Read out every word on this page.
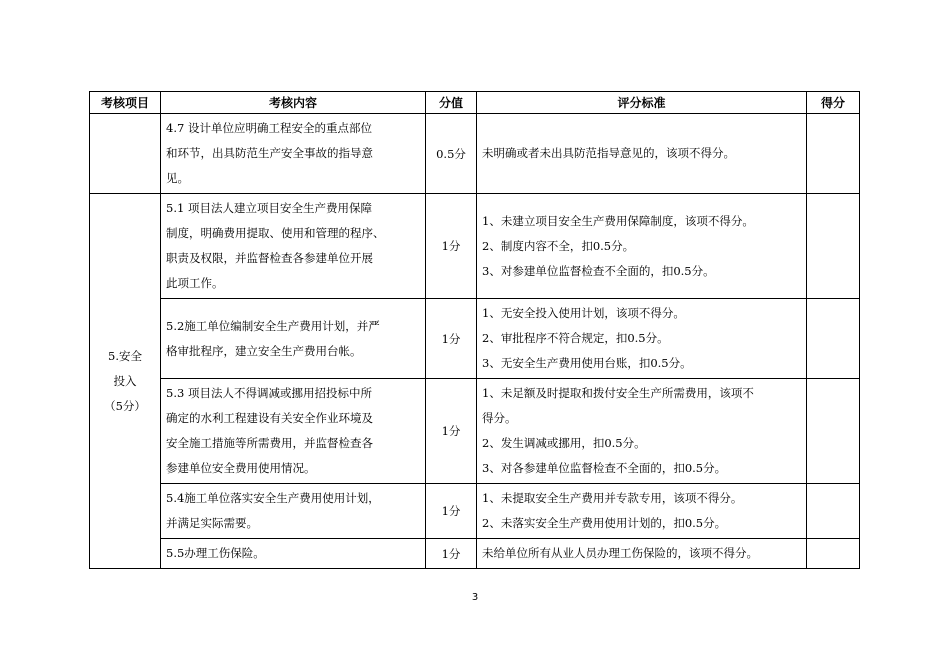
考核项目	考核内容	分值	评分标准	得分

	4.7 设计单位应明确工程安全的重点部位
和环节，出具防范生产安全事故的指导意
见。	0.5分	未明确或者未出具防范指导意见的，该项不得分。	

5.安全
投入
（5分）	5.1 项目法人建立项目安全生产费用保障
制度，明确费用提取、使用和管理的程序、
职责及权限，并监督检查各参建单位开展
此项工作。	1分	1、未建立项目安全生产费用保障制度，该项不得分。
2、制度内容不全，扣0.5分。
3、对参建单位监督检查不全面的，扣0.5分。	

	5.2施工单位编制安全生产费用计划，并严
格审批程序，建立安全生产费用台帐。	1分	1、无安全投入使用计划，该项不得分。
2、审批程序不符合规定，扣0.5分。
3、无安全生产费用使用台账，扣0.5分。	

	5.3 项目法人不得调减或挪用招投标中所
确定的水利工程建设有关安全作业环境及
安全施工措施等所需费用，并监督检查各
参建单位安全费用使用情况。	1分	1、未足额及时提取和拨付安全生产所需费用，该项不
得分。
2、发生调减或挪用，扣0.5分。
3、对各参建单位监督检查不全面的，扣0.5分。	

	5.4施工单位落实安全生产费用使用计划，
并满足实际需要。	1分	1、未提取安全生产费用并专款专用，该项不得分。
2、未落实安全生产费用使用计划的，扣0.5分。	

	5.5办理工伤保险。	1分	未给单位所有从业人员办理工伤保险的，该项不得分。	

3
